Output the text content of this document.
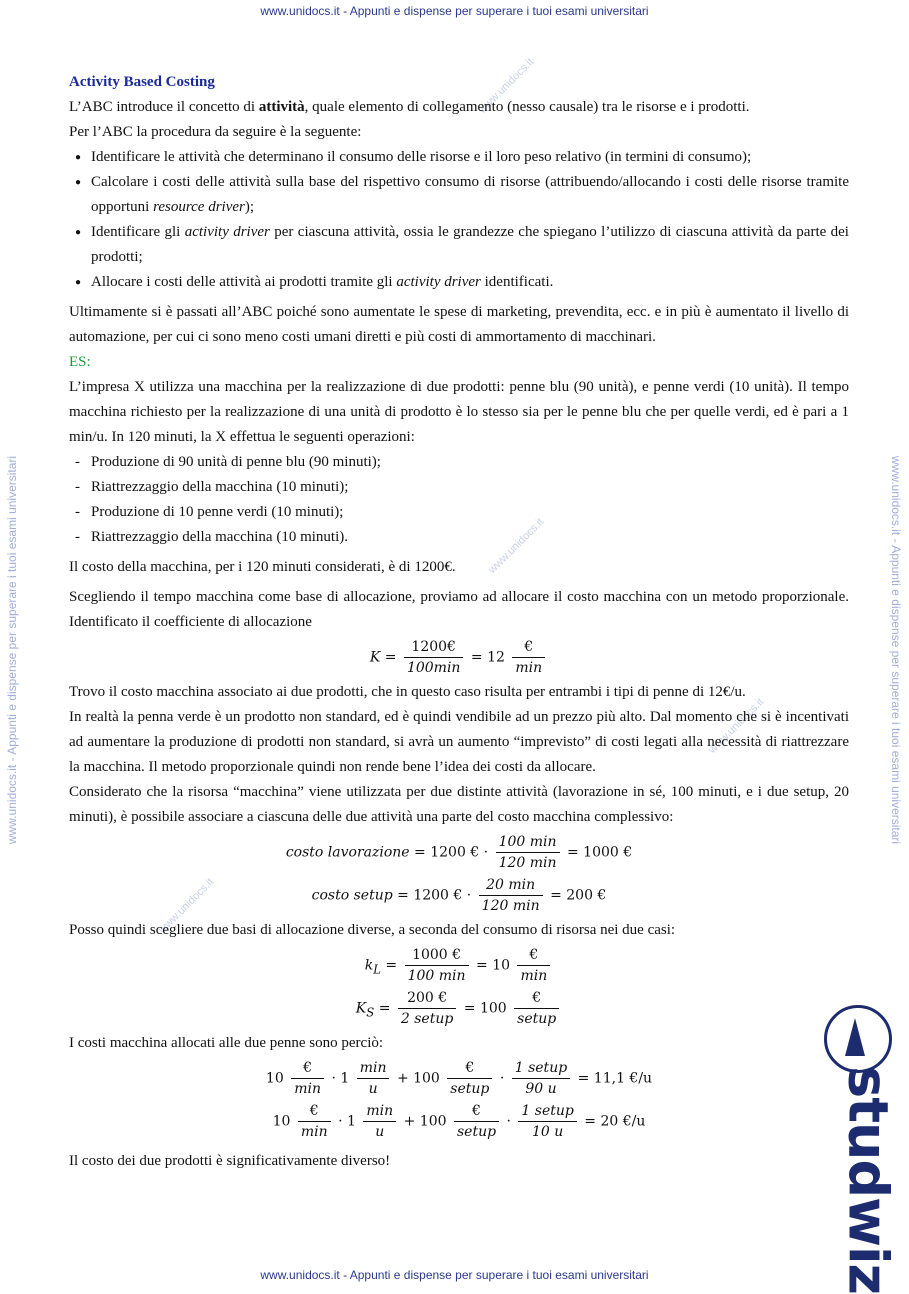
www.unidocs.it - Appunti e dispense per superare i tuoi esami universitari
www.unidocs.it - Appunti e dispense per superare i tuoi esami universitari
www.unidocs.it - Appunti e dispense per superare i tuoi esami universitari	www.unidocs.it - Appunti e dispense per superare i tuoi esami universitari
www.unidocs.it
www.unidocs.it
www.unidocs.it
www.unidocs.it
studwiz

Activity Based Costing

L’ABC introduce il concetto di attività, quale elemento di collegamento (nesso causale) tra le risorse e i prodotti.

Per l’ABC la procedura da seguire è la seguente:

● Identificare le attività che determinano il consumo delle risorse e il loro peso relativo (in termini di consumo);
● Calcolare i costi delle attività sulla base del rispettivo consumo di risorse (attribuendo/allocando i costi delle risorse tramite opportuni resource driver);
● Identificare gli activity driver per ciascuna attività, ossia le grandezze che spiegano l’utilizzo di ciascuna attività da parte dei prodotti;
● Allocare i costi delle attività ai prodotti tramite gli activity driver identificati.

Ultimamente si è passati all’ABC poiché sono aumentate le spese di marketing, prevendita, ecc. e in più è aumentato il livello di automazione, per cui ci sono meno costi umani diretti e più costi di ammortamento di macchinari.

ES:

L’impresa X utilizza una macchina per la realizzazione di due prodotti: penne blu (90 unità), e penne verdi (10 unità). Il tempo macchina richiesto per la realizzazione di una unità di prodotto è lo stesso sia per le penne blu che per quelle verdi, ed è pari a 1 min/u. In 120 minuti, la X effettua le seguenti operazioni:

- Produzione di 90 unità di penne blu (90 minuti);
- Riattrezzaggio della macchina (10 minuti);
- Produzione di 10 penne verdi (10 minuti);
- Riattrezzaggio della macchina (10 minuti).

Il costo della macchina, per i 120 minuti considerati, è di 1200€.

Scegliendo il tempo macchina come base di allocazione, proviamo ad allocare il costo macchina con un metodo proporzionale. Identificato il coefficiente di allocazione

$K = \frac{1200€}{100\min} = 12 \frac{€}{\min}$

Trovo il costo macchina associato ai due prodotti, che in questo caso risulta per entrambi i tipi di penne di 12€/u.

In realtà la penna verde è un prodotto non standard, ed è quindi vendibile ad un prezzo più alto. Dal momento che si è incentivati ad aumentare la produzione di prodotti non standard, si avrà un aumento “imprevisto” di costi legati alla necessità di riattrezzare la macchina. Il metodo proporzionale quindi non rende bene l’idea dei costi da allocare.

Considerato che la risorsa “macchina” viene utilizzata per due distinte attività (lavorazione in sé, 100 minuti, e i due setup, 20 minuti), è possibile associare a ciascuna delle due attività una parte del costo macchina complessivo:

costo lavorazione = 1200 € · $\frac{100 \min}{120 \min} = 1000$ €
costo setup = 1200 € · $\frac{20 \min}{120 \min} = 200$ €

Posso quindi scegliere due basi di allocazione diverse, a seconda del consumo di risorsa nei due casi:

$k_L = \frac{1000 €}{100 \min} = 10 \frac{€}{\min}$
$K_S = \frac{200 €}{\text{2 setup}} = 100 \frac{€}{\text{setup}}$

I costi macchina allocati alle due penne sono perciò:

$10 \frac{€}{\min} \cdot 1 \frac{\min}{u} + 100 \frac{€}{\text{setup}} \cdot \frac{\text{1 setup}}{90 u} = 11,1$ €/u
$10 \frac{€}{\min} \cdot 1 \frac{\min}{u} + 100 \frac{€}{\text{setup}} \cdot \frac{\text{1 setup}}{10 u} = 20$ €/u

Il costo dei due prodotti è significativamente diverso!
